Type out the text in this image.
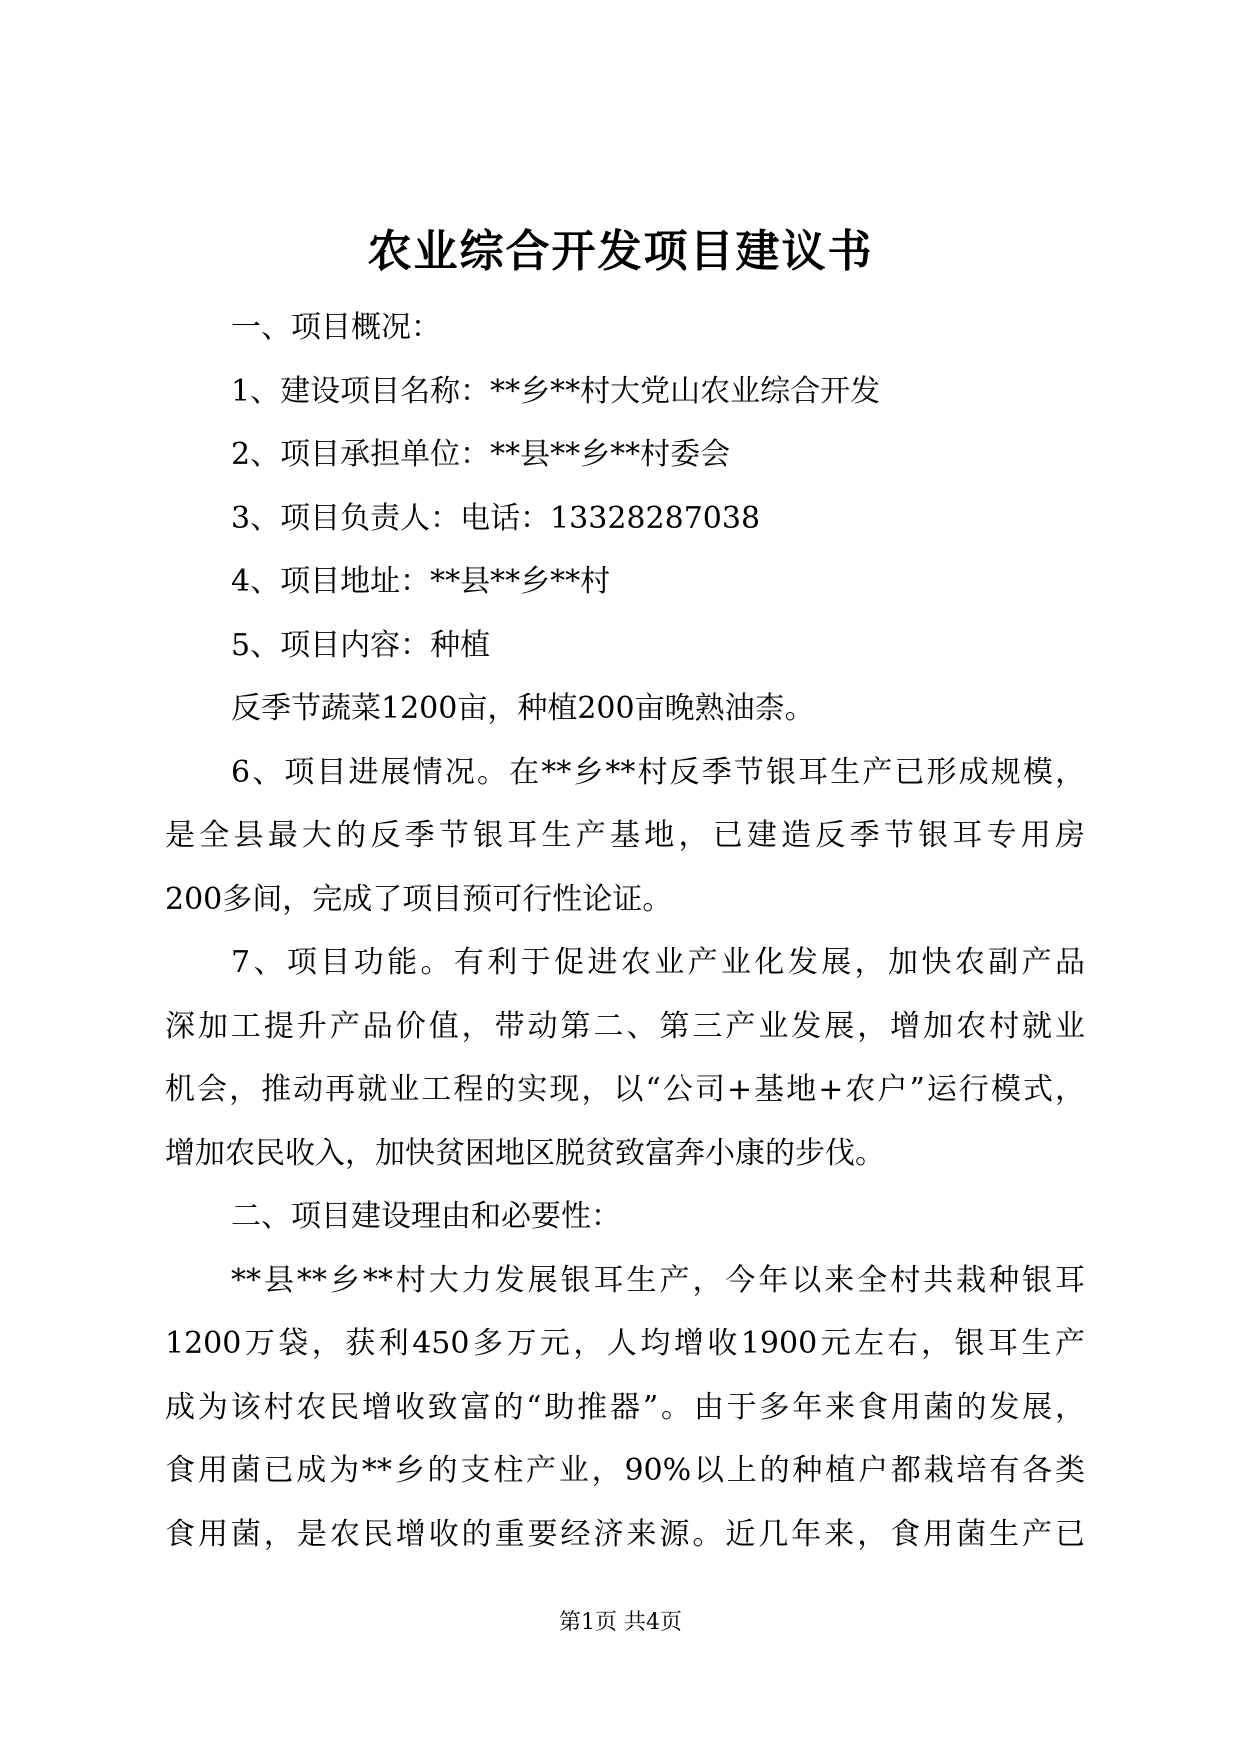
农业综合开发项目建议书

一、项目概况：

1、建设项目名称：**乡**村大党山农业综合开发

2、项目承担单位：**县**乡**村委会

3、项目负责人：电话：13328287038

4、项目地址：**县**乡**村

5、项目内容：种植

反季节蔬菜1200亩，种植200亩晚熟油柰。

6、项目进展情况。在**乡**村反季节银耳生产已形成规模，

是全县最大的反季节银耳生产基地，已建造反季节银耳专用房

200多间，完成了项目预可行性论证。

7、项目功能。有利于促进农业产业化发展，加快农副产品

深加工提升产品价值，带动第二、第三产业发展，增加农村就业

机会，推动再就业工程的实现，以“公司+基地+农户”运行模式，

增加农民收入，加快贫困地区脱贫致富奔小康的步伐。

二、项目建设理由和必要性：

**县**乡**村大力发展银耳生产，今年以来全村共栽种银耳

1200万袋，获利450多万元，人均增收1900元左右，银耳生产

成为该村农民增收致富的“助推器”。由于多年来食用菌的发展，

食用菌已成为**乡的支柱产业，90%以上的种植户都栽培有各类

食用菌，是农民增收的重要经济来源。近几年来，食用菌生产已

第1页 共4页
